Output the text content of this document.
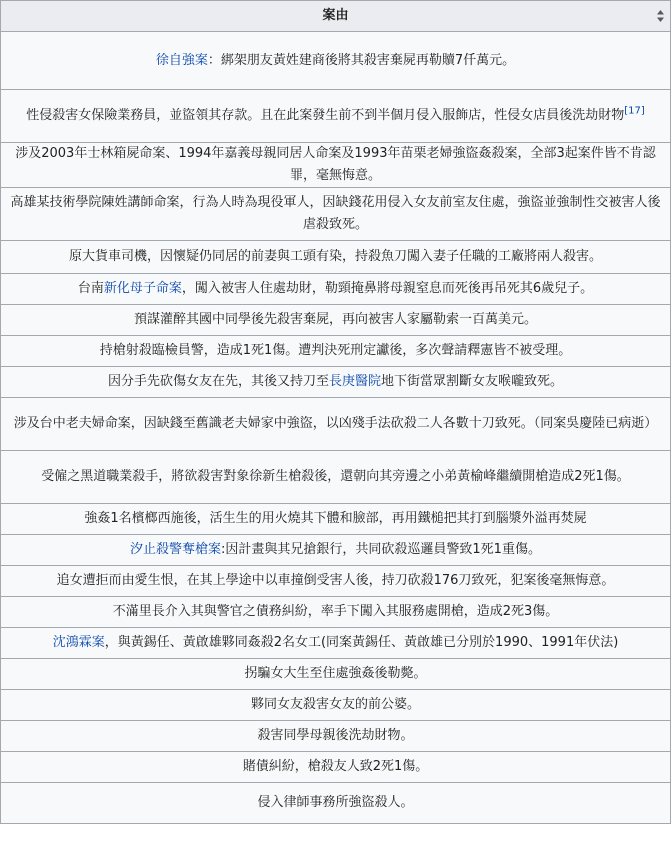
案由

徐自強案：綁架朋友黃姓建商後將其殺害棄屍再勒贖7仟萬元。
性侵殺害女保險業務員，並盜領其存款。且在此案發生前不到半個月侵入服飾店，性侵女店員後洗劫財物[17]
涉及2003年士林箱屍命案、1994年嘉義母親同居人命案及1993年苗栗老婦強盜姦殺案，全部3起案件皆不肯認罪，毫無悔意。
高雄某技術學院陳姓講師命案，行為人時為現役軍人，因缺錢花用侵入女友前室友住處，強盜並強制性交被害人後虐殺致死。
原大貨車司機，因懷疑仍同居的前妻與工頭有染，持殺魚刀闖入妻子任職的工廠將兩人殺害。
台南新化母子命案，闖入被害人住處劫財，勒頸掩鼻將母親窒息而死後再吊死其6歲兒子。
預謀灌醉其國中同學後先殺害棄屍，再向被害人家屬勒索一百萬美元。
持槍射殺臨檢員警，造成1死1傷。遭判決死刑定讞後，多次聲請釋憲皆不被受理。
因分手先砍傷女友在先，其後又持刀至長庚醫院地下街當眾割斷女友喉嚨致死。
涉及台中老夫婦命案，因缺錢至舊識老夫婦家中強盜，以凶殘手法砍殺二人各數十刀致死。（同案吳慶陸已病逝）
受僱之黑道職業殺手，將欲殺害對象徐新生槍殺後，還朝向其旁邊之小弟黃榆峰繼續開槍造成2死1傷。
強姦1名檳榔西施後，活生生的用火燒其下體和臉部，再用鐵槌把其打到腦漿外溢再焚屍
汐止殺警奪槍案:因計畫與其兄搶銀行，共同砍殺巡邏員警致1死1重傷。
追女遭拒而由愛生恨，在其上學途中以車撞倒受害人後，持刀砍殺176刀致死，犯案後毫無悔意。
不滿里長介入其與警官之債務糾紛，率手下闖入其服務處開槍，造成2死3傷。
沈鴻霖案，與黃錫任、黃啟雄夥同姦殺2名女工(同案黃錫任、黃啟雄已分別於1990、1991年伏法)
拐騙女大生至住處強姦後勒斃。
夥同女友殺害女友的前公婆。
殺害同學母親後洗劫財物。
賭債糾紛，槍殺友人致2死1傷。
侵入律師事務所強盜殺人。
